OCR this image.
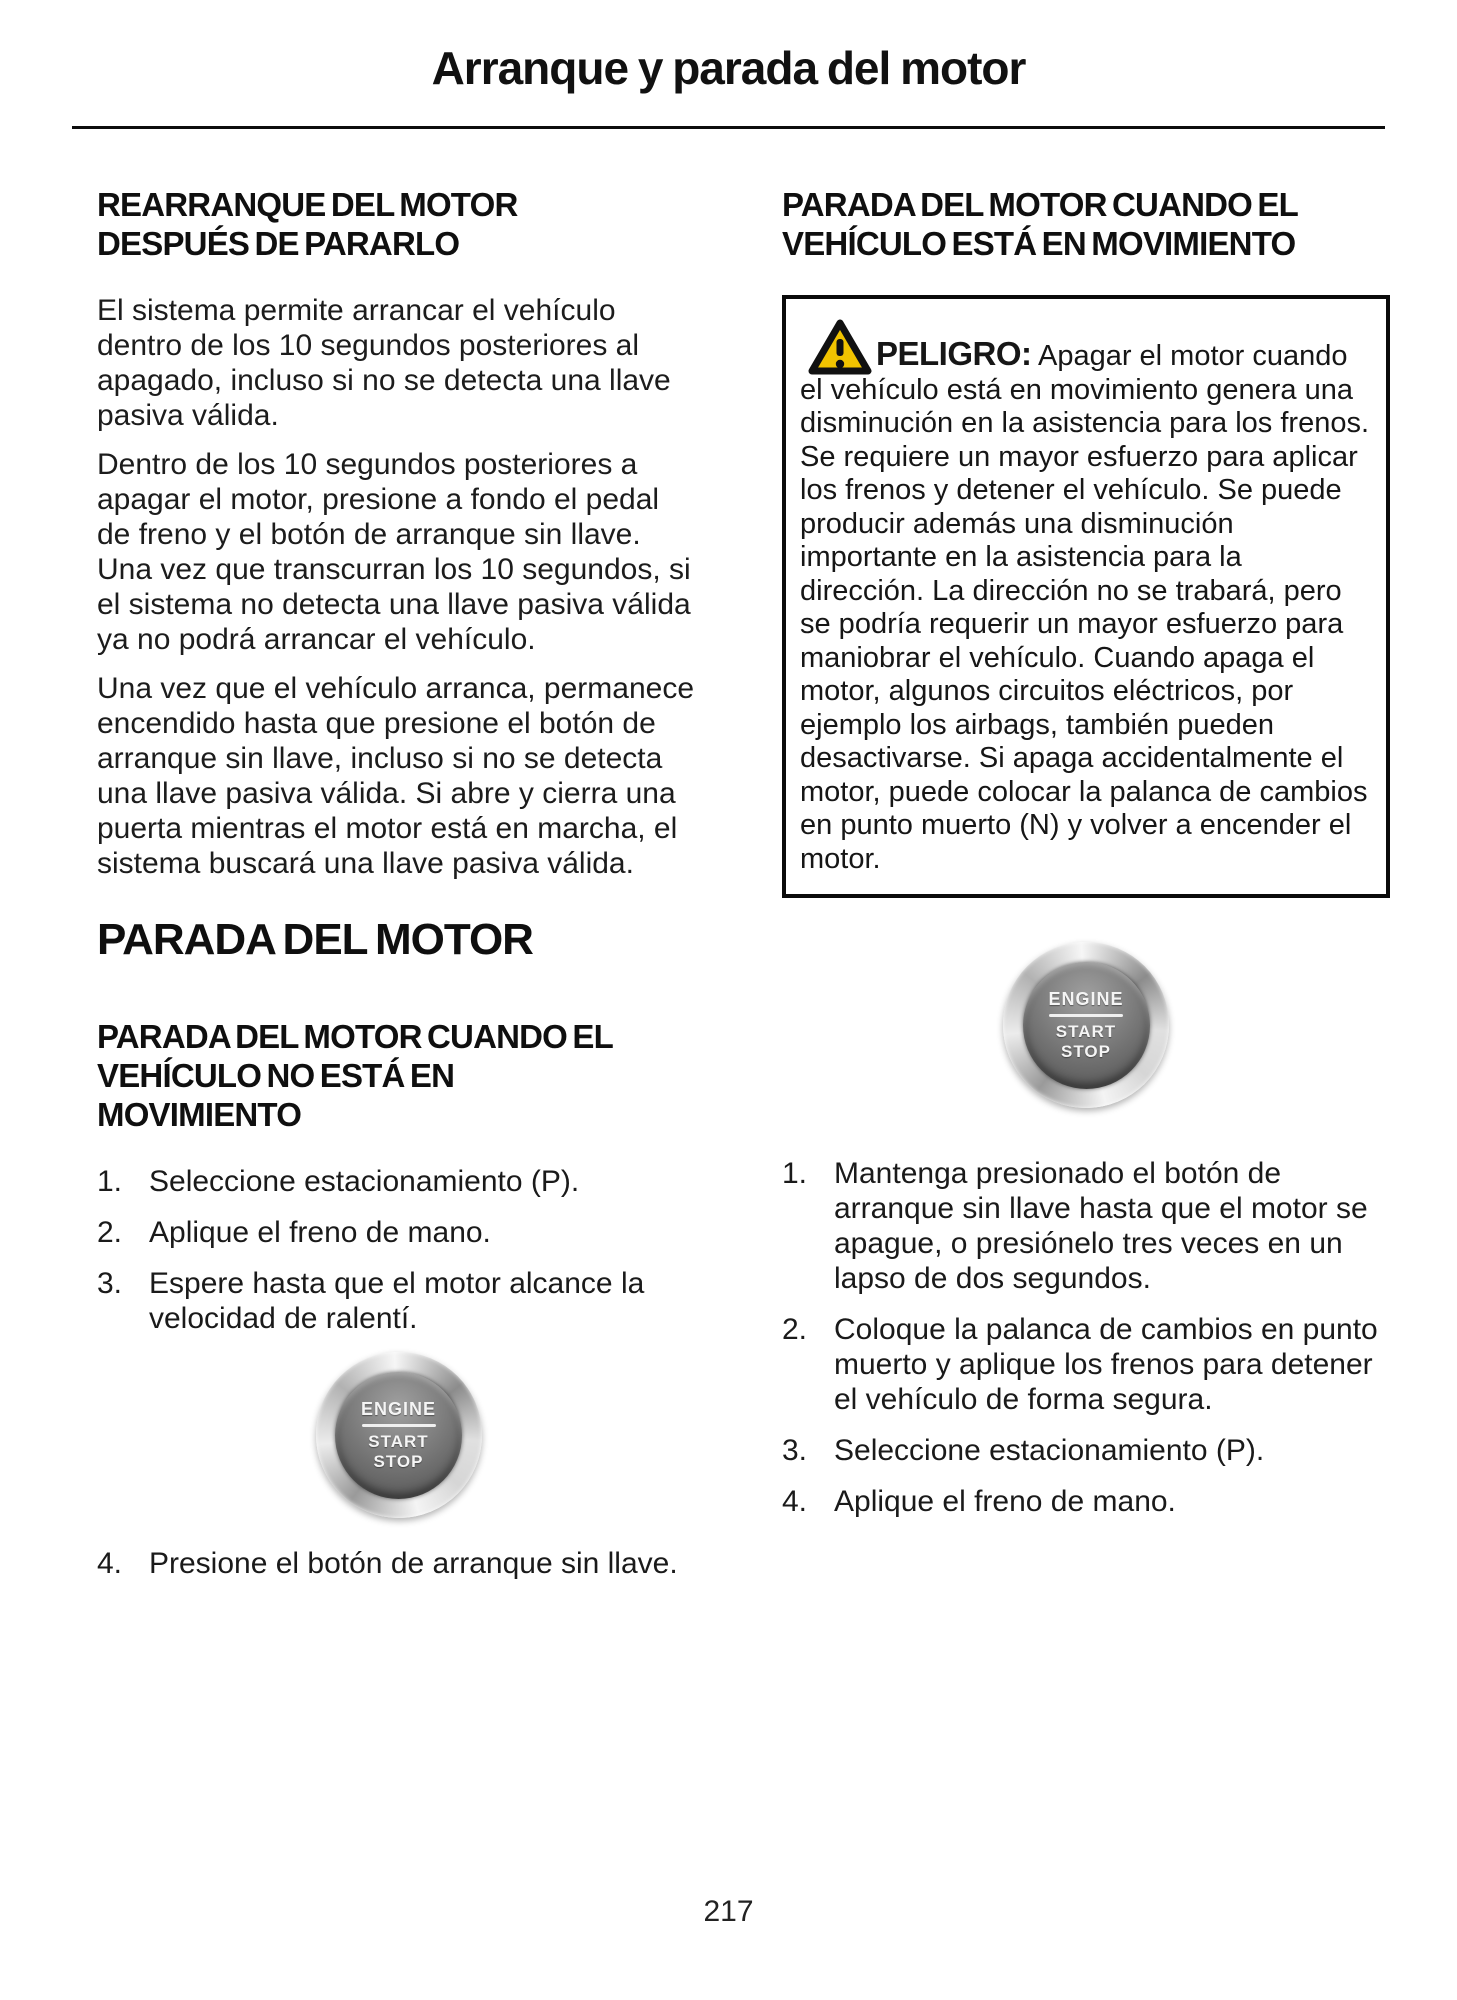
Arranque y parada del motor
REARRANQUE DEL MOTOR
DESPUÉS DE PARARLO

El sistema permite arrancar el vehículo dentro de los 10 segundos posteriores al apagado, incluso si no se detecta una llave pasiva válida.

Dentro de los 10 segundos posteriores a apagar el motor, presione a fondo el pedal de freno y el botón de arranque sin llave. Una vez que transcurran los 10 segundos, si el sistema no detecta una llave pasiva válida ya no podrá arrancar el vehículo.

Una vez que el vehículo arranca, permanece encendido hasta que presione el botón de arranque sin llave, incluso si no se detecta una llave pasiva válida. Si abre y cierra una puerta mientras el motor está en marcha, el sistema buscará una llave pasiva válida.

PARADA DEL MOTOR
PARADA DEL MOTOR CUANDO EL
VEHÍCULO NO ESTÁ EN
MOVIMIENTO
1. Seleccione estacionamiento (P).
2. Aplique el freno de mano.
3. Espere hasta que el motor alcance la velocidad de ralentí.
ENGINE
START
STOP
4. Presione el botón de arranque sin llave.
PARADA DEL MOTOR CUANDO EL
VEHÍCULO ESTÁ EN MOVIMIENTO

PELIGRO: Apagar el motor cuando el vehículo está en movimiento genera una disminución en la asistencia para los frenos. Se requiere un mayor esfuerzo para aplicar los frenos y detener el vehículo. Se puede producir además una disminución importante en la asistencia para la dirección. La dirección no se trabará, pero se podría requerir un mayor esfuerzo para maniobrar el vehículo. Cuando apaga el motor, algunos circuitos eléctricos, por ejemplo los airbags, también pueden desactivarse. Si apaga accidentalmente el motor, puede colocar la palanca de cambios en punto muerto (N) y volver a encender el motor.

ENGINE
START
STOP
1. Mantenga presionado el botón de arranque sin llave hasta que el motor se apague, o presiónelo tres veces en un lapso de dos segundos.
2. Coloque la palanca de cambios en punto muerto y aplique los frenos para detener el vehículo de forma segura.
3. Seleccione estacionamiento (P).
4. Aplique el freno de mano.
217
